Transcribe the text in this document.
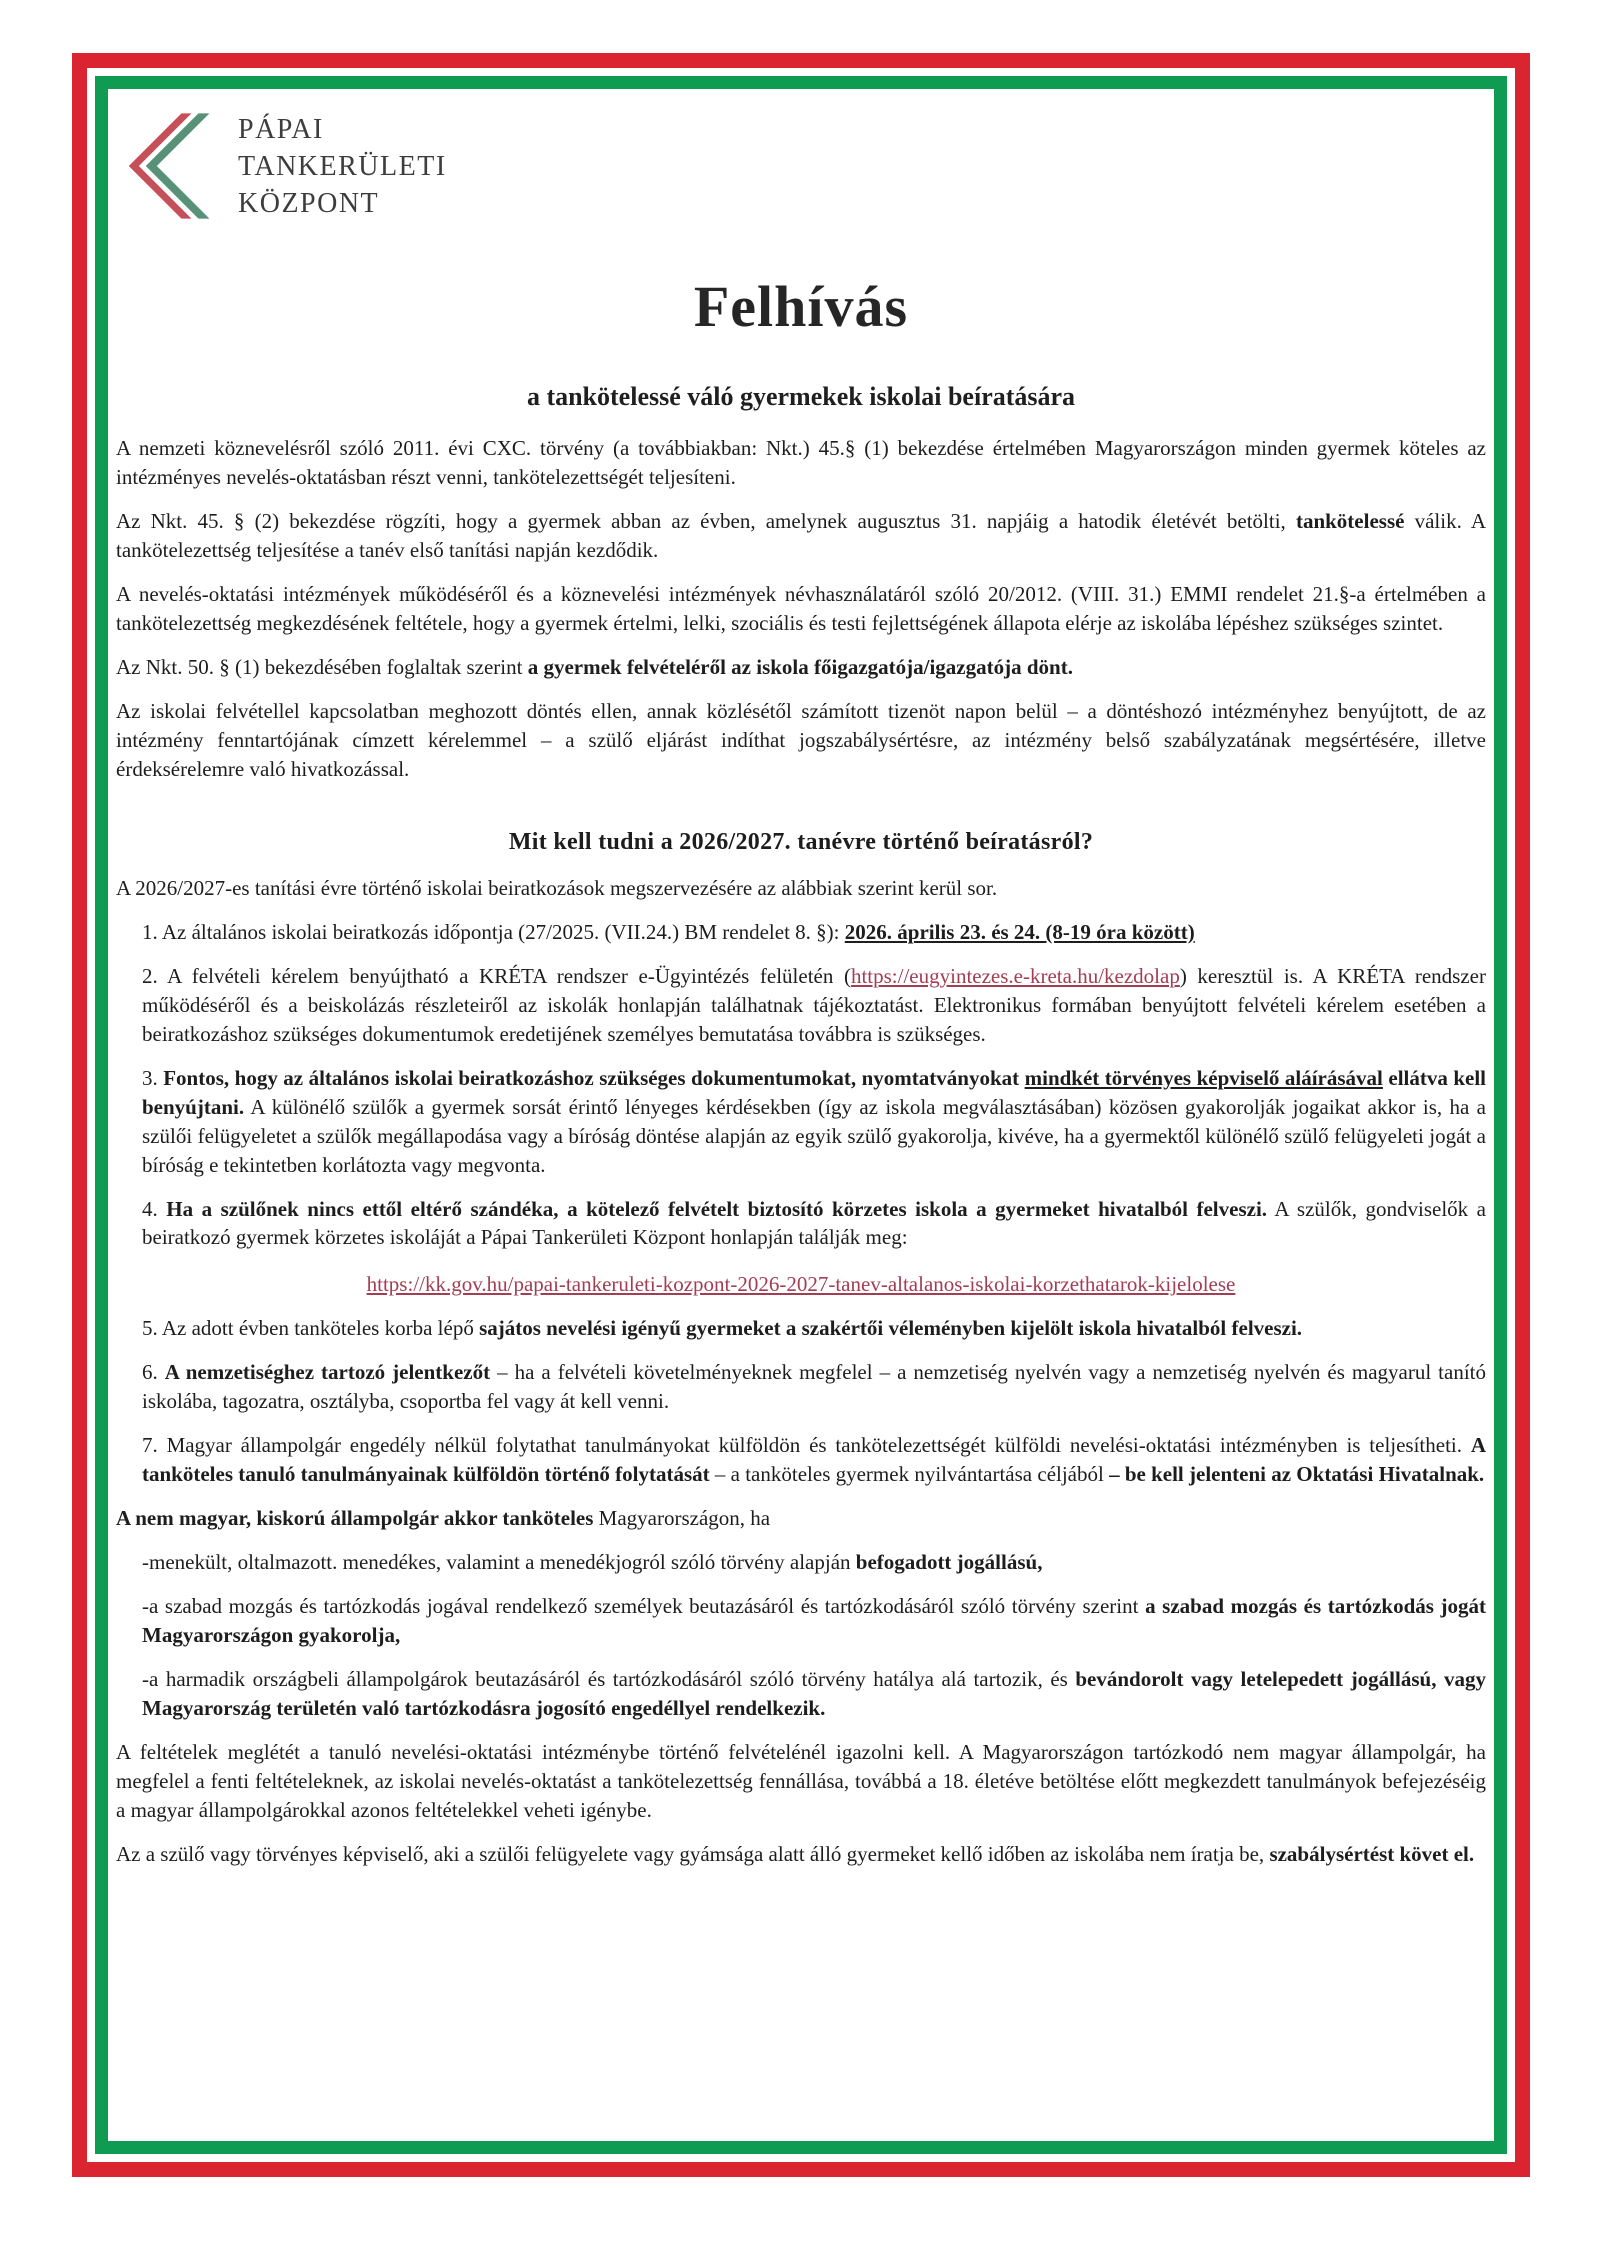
PÁPAI
TANKERÜLETI
KÖZPONT
Felhívás
a tankötelessé váló gyermekek iskolai beíratására

A nemzeti köznevelésről szóló 2011. évi CXC. törvény (a továbbiakban: Nkt.) 45.§ (1) bekezdése értelmében Magyarországon minden gyermek köteles az intézményes nevelés-oktatásban részt venni, tankötelezettségét teljesíteni.

Az Nkt. 45. § (2) bekezdése rögzíti, hogy a gyermek abban az évben, amelynek augusztus 31. napjáig a hatodik életévét betölti, tankötelessé válik. A tankötelezettség teljesítése a tanév első tanítási napján kezdődik.

A nevelés-oktatási intézmények működéséről és a köznevelési intézmények névhasználatáról szóló 20/2012. (VIII. 31.) EMMI rendelet 21.§-a értelmében a tankötelezettség megkezdésének feltétele, hogy a gyermek értelmi, lelki, szociális és testi fejlettségének állapota elérje az iskolába lépéshez szükséges szintet.

Az Nkt. 50. § (1) bekezdésében foglaltak szerint a gyermek felvételéről az iskola főigazgatója/igazgatója dönt.

Az iskolai felvétellel kapcsolatban meghozott döntés ellen, annak közlésétől számított tizenöt napon belül – a döntéshozó intézményhez benyújtott, de az intézmény fenntartójának címzett kérelemmel – a szülő eljárást indíthat jogszabálysértésre, az intézmény belső szabályzatának megsértésére, illetve érdeksérelemre való hivatkozással.

Mit kell tudni a 2026/2027. tanévre történő beíratásról?

A 2026/2027-es tanítási évre történő iskolai beiratkozások megszervezésére az alábbiak szerint kerül sor.

1. Az általános iskolai beiratkozás időpontja (27/2025. (VII.24.) BM rendelet 8. §): 2026. április 23. és 24. (8-19 óra között)

2. A felvételi kérelem benyújtható a KRÉTA rendszer e-Ügyintézés felületén (https://eugyintezes.e-kreta.hu/kezdolap) keresztül is. A KRÉTA rendszer működéséről és a beiskolázás részleteiről az iskolák honlapján találhatnak tájékoztatást. Elektronikus formában benyújtott felvételi kérelem esetében a beiratkozáshoz szükséges dokumentumok eredetijének személyes bemutatása továbbra is szükséges.

3. Fontos, hogy az általános iskolai beiratkozáshoz szükséges dokumentumokat, nyomtatványokat mindkét törvényes képviselő aláírásával ellátva kell benyújtani. A különélő szülők a gyermek sorsát érintő lényeges kérdésekben (így az iskola megválasztásában) közösen gyakorolják jogaikat akkor is, ha a szülői felügyeletet a szülők megállapodása vagy a bíróság döntése alapján az egyik szülő gyakorolja, kivéve, ha a gyermektől különélő szülő felügyeleti jogát a bíróság e tekintetben korlátozta vagy megvonta.

4. Ha a szülőnek nincs ettől eltérő szándéka, a kötelező felvételt biztosító körzetes iskola a gyermeket hivatalból felveszi. A szülők, gondviselők a beiratkozó gyermek körzetes iskoláját a Pápai Tankerületi Központ honlapján találják meg:

https://kk.gov.hu/papai-tankeruleti-kozpont-2026-2027-tanev-altalanos-iskolai-korzethatarok-kijelolese

5. Az adott évben tanköteles korba lépő sajátos nevelési igényű gyermeket a szakértői véleményben kijelölt iskola hivatalból felveszi.

6. A nemzetiséghez tartozó jelentkezőt – ha a felvételi követelményeknek megfelel – a nemzetiség nyelvén vagy a nemzetiség nyelvén és magyarul tanító iskolába, tagozatra, osztályba, csoportba fel vagy át kell venni.

7. Magyar állampolgár engedély nélkül folytathat tanulmányokat külföldön és tankötelezettségét külföldi nevelési-oktatási intézményben is teljesítheti. A tanköteles tanuló tanulmányainak külföldön történő folytatását – a tanköteles gyermek nyilvántartása céljából – be kell jelenteni az Oktatási Hivatalnak.

A nem magyar, kiskorú állampolgár akkor tanköteles Magyarországon, ha

-menekült, oltalmazott. menedékes, valamint a menedékjogról szóló törvény alapján befogadott jogállású,

-a szabad mozgás és tartózkodás jogával rendelkező személyek beutazásáról és tartózkodásáról szóló törvény szerint a szabad mozgás és tartózkodás jogát Magyarországon gyakorolja,

-a harmadik országbeli állampolgárok beutazásáról és tartózkodásáról szóló törvény hatálya alá tartozik, és bevándorolt vagy letelepedett jogállású, vagy Magyarország területén való tartózkodásra jogosító engedéllyel rendelkezik.

A feltételek meglétét a tanuló nevelési-oktatási intézménybe történő felvételénél igazolni kell. A Magyarországon tartózkodó nem magyar állampolgár, ha megfelel a fenti feltételeknek, az iskolai nevelés-oktatást a tankötelezettség fennállása, továbbá a 18. életéve betöltése előtt megkezdett tanulmányok befejezéséig a magyar állampolgárokkal azonos feltételekkel veheti igénybe.

Az a szülő vagy törvényes képviselő, aki a szülői felügyelete vagy gyámsága alatt álló gyermeket kellő időben az iskolába nem íratja be, szabálysértést követ el.
